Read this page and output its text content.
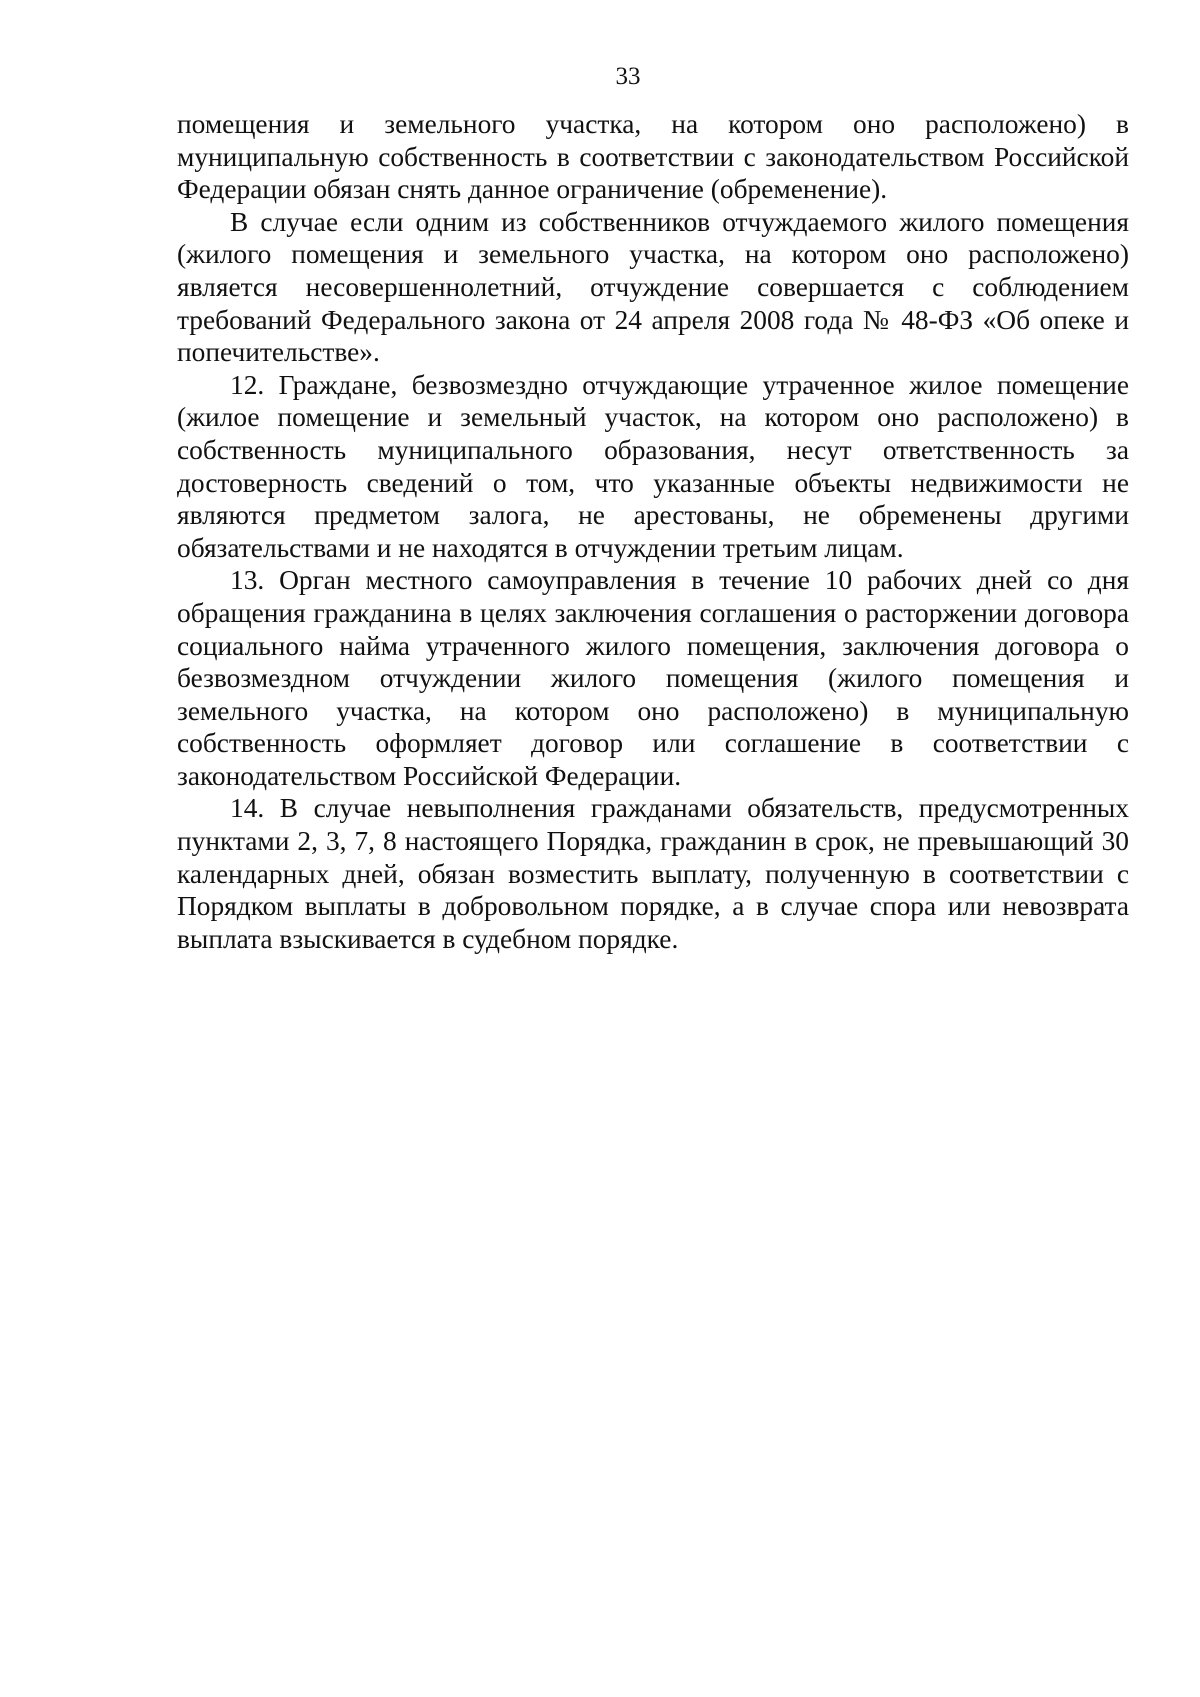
33

помещения и земельного участка, на котором оно расположено) в муниципальную собственность в соответствии с законодательством Российской Федерации обязан снять данное ограничение (обременение).

В случае если одним из собственников отчуждаемого жилого помещения (жилого помещения и земельного участка, на котором оно расположено) является несовершеннолетний, отчуждение совершается с соблюдением требований Федерального закона от 24 апреля 2008 года № 48-ФЗ «Об опеке и попечительстве».

12. Граждане, безвозмездно отчуждающие утраченное жилое помещение (жилое помещение и земельный участок, на котором оно расположено) в собственность муниципального образования, несут ответственность за достоверность сведений о том, что указанные объекты недвижимости не являются предметом залога, не арестованы, не обременены другими обязательствами и не находятся в отчуждении третьим лицам.

13. Орган местного самоуправления в течение 10 рабочих дней со дня обращения гражданина в целях заключения соглашения о расторжении договора социального найма утраченного жилого помещения, заключения договора о безвозмездном отчуждении жилого помещения (жилого помещения и земельного участка, на котором оно расположено) в муниципальную собственность оформляет договор или соглашение в соответствии с законодательством Российской Федерации.

14. В случае невыполнения гражданами обязательств, предусмотренных пунктами 2, 3, 7, 8 настоящего Порядка, гражданин в срок, не превышающий 30 календарных дней, обязан возместить выплату, полученную в соответствии с Порядком выплаты в добровольном порядке, а в случае спора или невозврата выплата взыскивается в судебном порядке.
